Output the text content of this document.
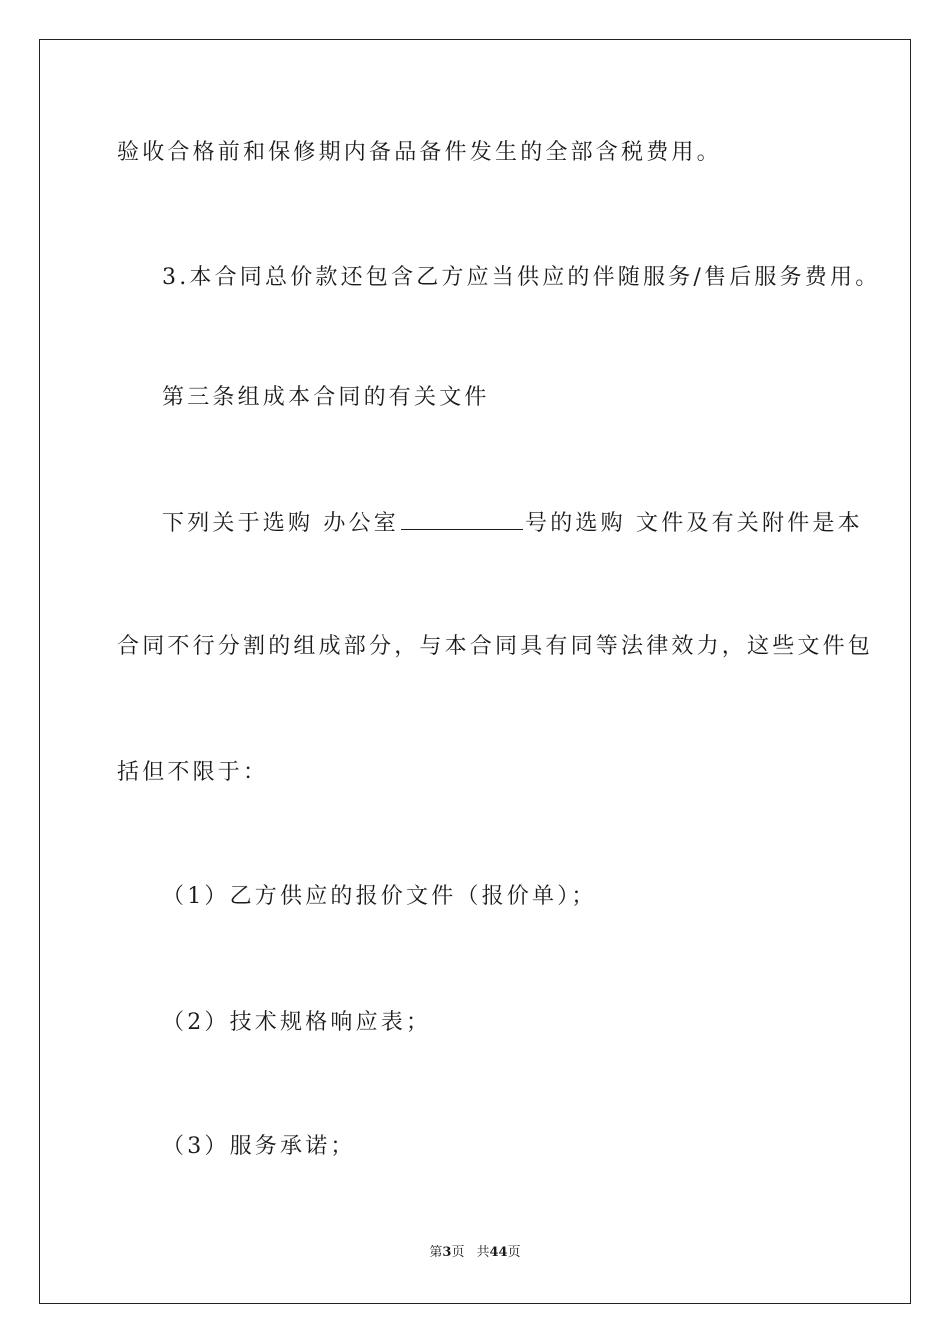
验收合格前和保修期内备品备件发生的全部含税费用。
3.本合同总价款还包含乙方应当供应的伴随服务/售后服务费用。
第三条组成本合同的有关文件
下列关于选购 办公室	号的选购 文件及有关附件是本
合同不行分割的组成部分，与本合同具有同等法律效力，这些文件包
括但不限于：
（1）乙方供应的报价文件（报价单）；
（2）技术规格响应表；
（3）服务承诺；
第3页 共44页
